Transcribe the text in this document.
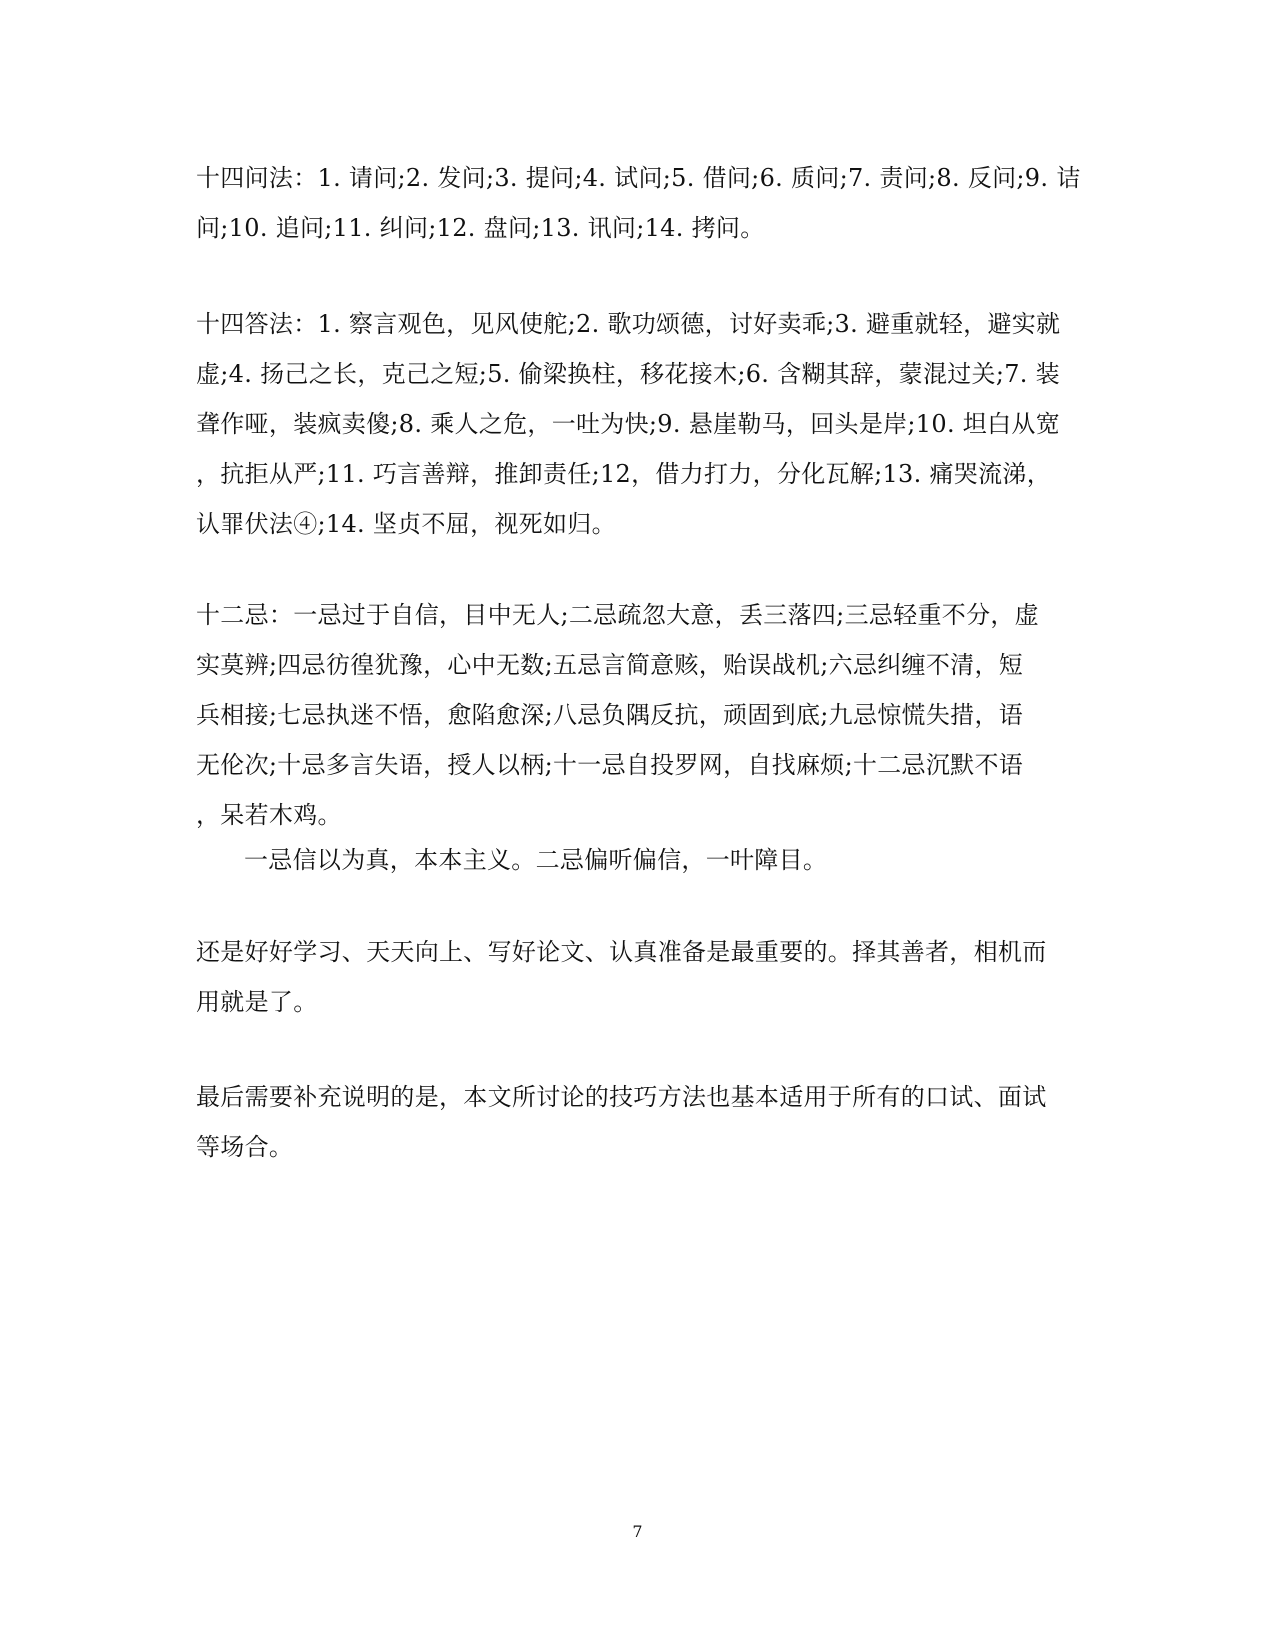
十四问法：1. 请问;2. 发问;3. 提问;4. 试问;5. 借问;6. 质问;7. 责问;8. 反问;9. 诘
问;10. 追问;11. 纠问;12. 盘问;13. 讯问;14. 拷问。
十四答法：1. 察言观色，见风使舵;2. 歌功颂德，讨好卖乖;3. 避重就轻，避实就
虚;4. 扬己之长，克己之短;5. 偷梁换柱，移花接木;6. 含糊其辞，蒙混过关;7. 装
聋作哑，装疯卖傻;8. 乘人之危，一吐为快;9. 悬崖勒马，回头是岸;10. 坦白从宽
，抗拒从严;11. 巧言善辩，推卸责任;12，借力打力，分化瓦解;13. 痛哭流涕，
认罪伏法④;14. 坚贞不屈，视死如归。
十二忌：一忌过于自信，目中无人;二忌疏忽大意，丢三落四;三忌轻重不分，虚
实莫辨;四忌彷徨犹豫，心中无数;五忌言简意赅，贻误战机;六忌纠缠不清，短
兵相接;七忌执迷不悟，愈陷愈深;八忌负隅反抗，顽固到底;九忌惊慌失措，语
无伦次;十忌多言失语，授人以柄;十一忌自投罗网，自找麻烦;十二忌沉默不语
，呆若木鸡。
一忌信以为真，本本主义。二忌偏听偏信，一叶障目。
还是好好学习、天天向上、写好论文、认真准备是最重要的。择其善者，相机而
用就是了。
最后需要补充说明的是，本文所讨论的技巧方法也基本适用于所有的口试、面试
等场合。
7
